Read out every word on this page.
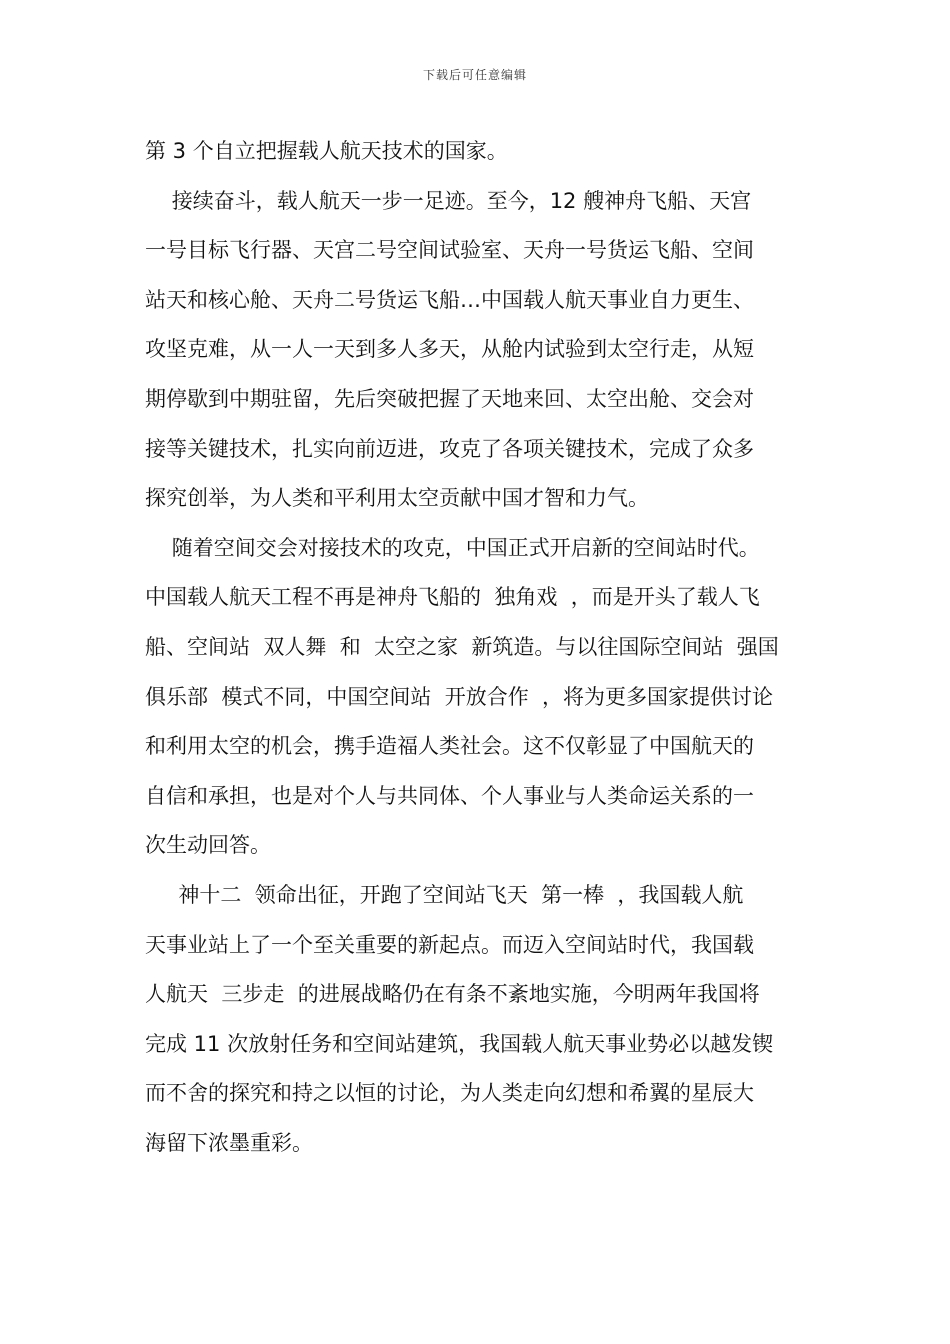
下载后可任意编辑
第 3 个自立把握载人航天技术的国家。
接续奋斗，载人航天一步一足迹。至今，12 艘神舟飞船、天宫
一号目标飞行器、天宫二号空间试验室、天舟一号货运飞船、空间
站天和核心舱、天舟二号货运飞船…中国载人航天事业自力更生、
攻坚克难，从一人一天到多人多天，从舱内试验到太空行走，从短
期停歇到中期驻留，先后突破把握了天地来回、太空出舱、交会对
接等关键技术，扎实向前迈进，攻克了各项关键技术，完成了众多
探究创举，为人类和平利用太空贡献中国才智和力气。
随着空间交会对接技术的攻克，中国正式开启新的空间站时代。
中国载人航天工程不再是神舟飞船的  独角戏  ，而是开头了载人飞
船、空间站  双人舞  和  太空之家  新筑造。与以往国际空间站  强国
俱乐部  模式不同，中国空间站  开放合作  ，将为更多国家提供讨论
和利用太空的机会，携手造福人类社会。这不仅彰显了中国航天的
自信和承担，也是对个人与共同体、个人事业与人类命运关系的一
次生动回答。
神十二  领命出征，开跑了空间站飞天  第一棒  ，我国载人航
天事业站上了一个至关重要的新起点。而迈入空间站时代，我国载
人航天  三步走  的进展战略仍在有条不紊地实施，今明两年我国将
完成 11 次放射任务和空间站建筑，我国载人航天事业势必以越发锲
而不舍的探究和持之以恒的讨论，为人类走向幻想和希翼的星辰大
海留下浓墨重彩。
